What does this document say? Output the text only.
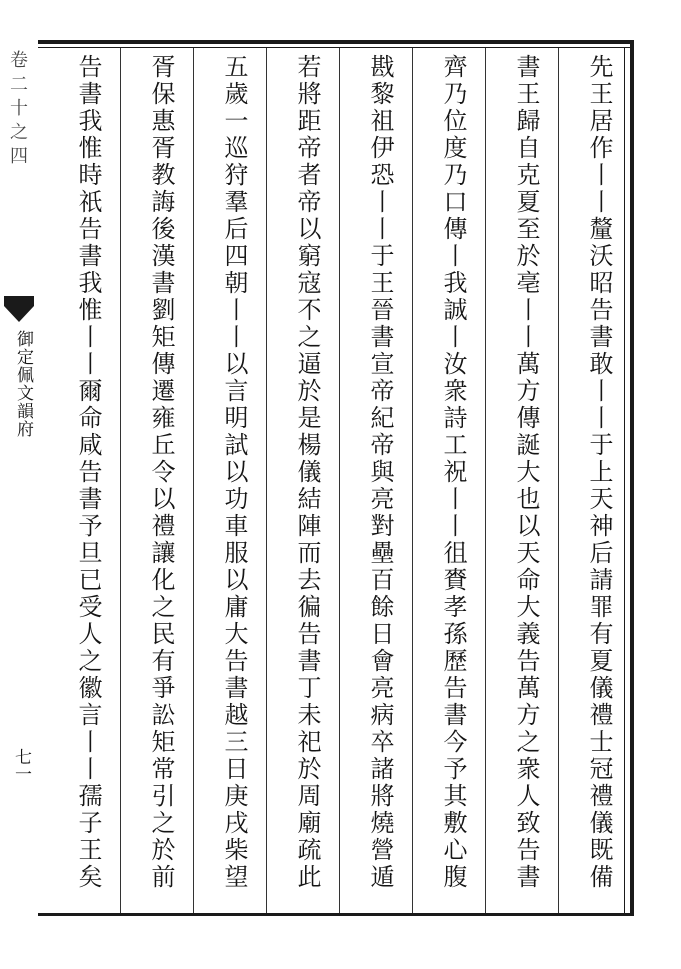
卷二十之四
御定佩文韻府
七一
先王居作丨丨釐沃昭告書敢丨丨于上天神后請罪有夏儀禮士冠禮儀既備
書王歸自克夏至於亳丨丨萬方傳誕大也以天命大義告萬方之衆人致告書
齊乃位度乃口傳丨我誠丨汝衆詩工祝丨丨徂賚孝孫歷告書今予其敷心腹
戡黎祖伊恐丨丨于王晉書宣帝紀帝與亮對壘百餘日會亮病卒諸將燒營遁
若將距帝者帝以窮寇不之逼於是楊儀結陣而去徧告書丁未祀於周廟疏此
五歲一巡狩羣后四朝丨丨以言明試以功車服以庸大告書越三日庚戌柴望
胥保惠胥教誨後漢書劉矩傳遷雍丘令以禮讓化之民有爭訟矩常引之於前
告書我惟時祇告書我惟丨丨爾命咸告書予旦已受人之徽言丨丨孺子王矣
